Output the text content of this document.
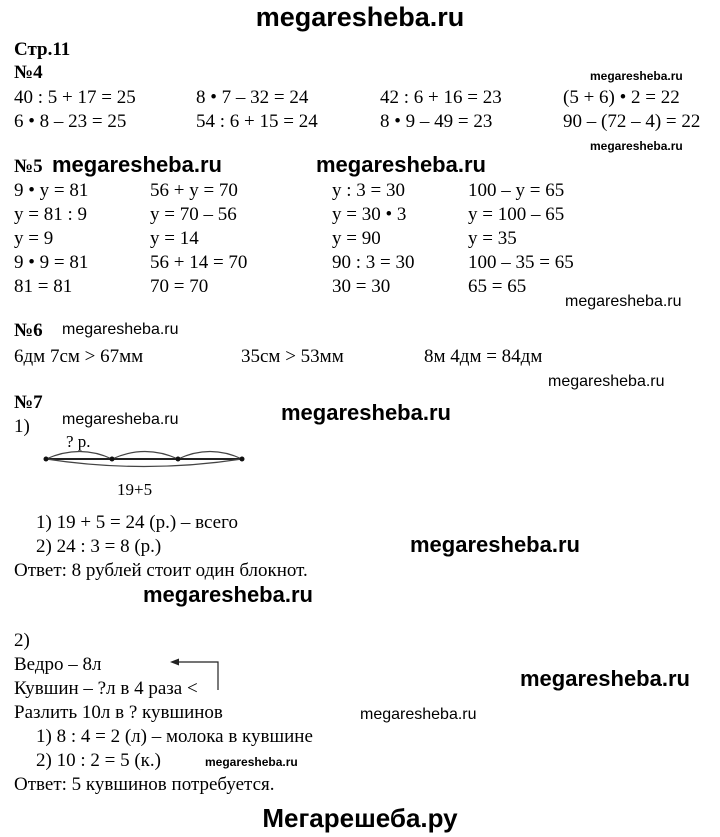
megaresheba.ru
Стр.11
№4
40 : 5 + 17 = 25	8 • 7 – 32 = 24	42 : 6 + 16 = 23	(5 + 6) • 2 = 22
6 • 8 – 23 = 25	54 : 6 + 15 = 24	8 • 9 – 49 = 23	90 – (72 – 4) = 22
megaresheba.ru
megaresheba.ru
№5 megaresheba.ru	megaresheba.ru
9 • y = 81	56 + y = 70	y : 3 = 30	100 – y = 65
y = 81 : 9	y = 70 – 56	y = 30 • 3	y = 100 – 65
y = 9	y = 14	y = 90	y = 35
9 • 9 = 81	56 + 14 = 70	90 : 3 = 30	100 – 35 = 65
81 = 81	70 = 70	30 = 30	65 = 65
megaresheba.ru
№6 megaresheba.ru
6дм 7см > 67мм	35см > 53мм	8м 4дм = 84дм
megaresheba.ru
№7
megaresheba.ru	megaresheba.ru
1)
? р.
19+5
1) 19 + 5 = 24 (р.) – всего
2) 24 : 3 = 8 (р.)
Ответ: 8 рублей стоит один блокнот.
megaresheba.ru
megaresheba.ru
2)
Ведро – 8л
Кувшин – ?л в 4 раза <
Разлить 10л в ? кувшинов
1) 8 : 4 = 2 (л) – молока в кувшине
2) 10 : 2 = 5 (к.)
Ответ: 5 кувшинов потребуется.
megaresheba.ru
megaresheba.ru
megaresheba.ru
Мегарешеба.ру
